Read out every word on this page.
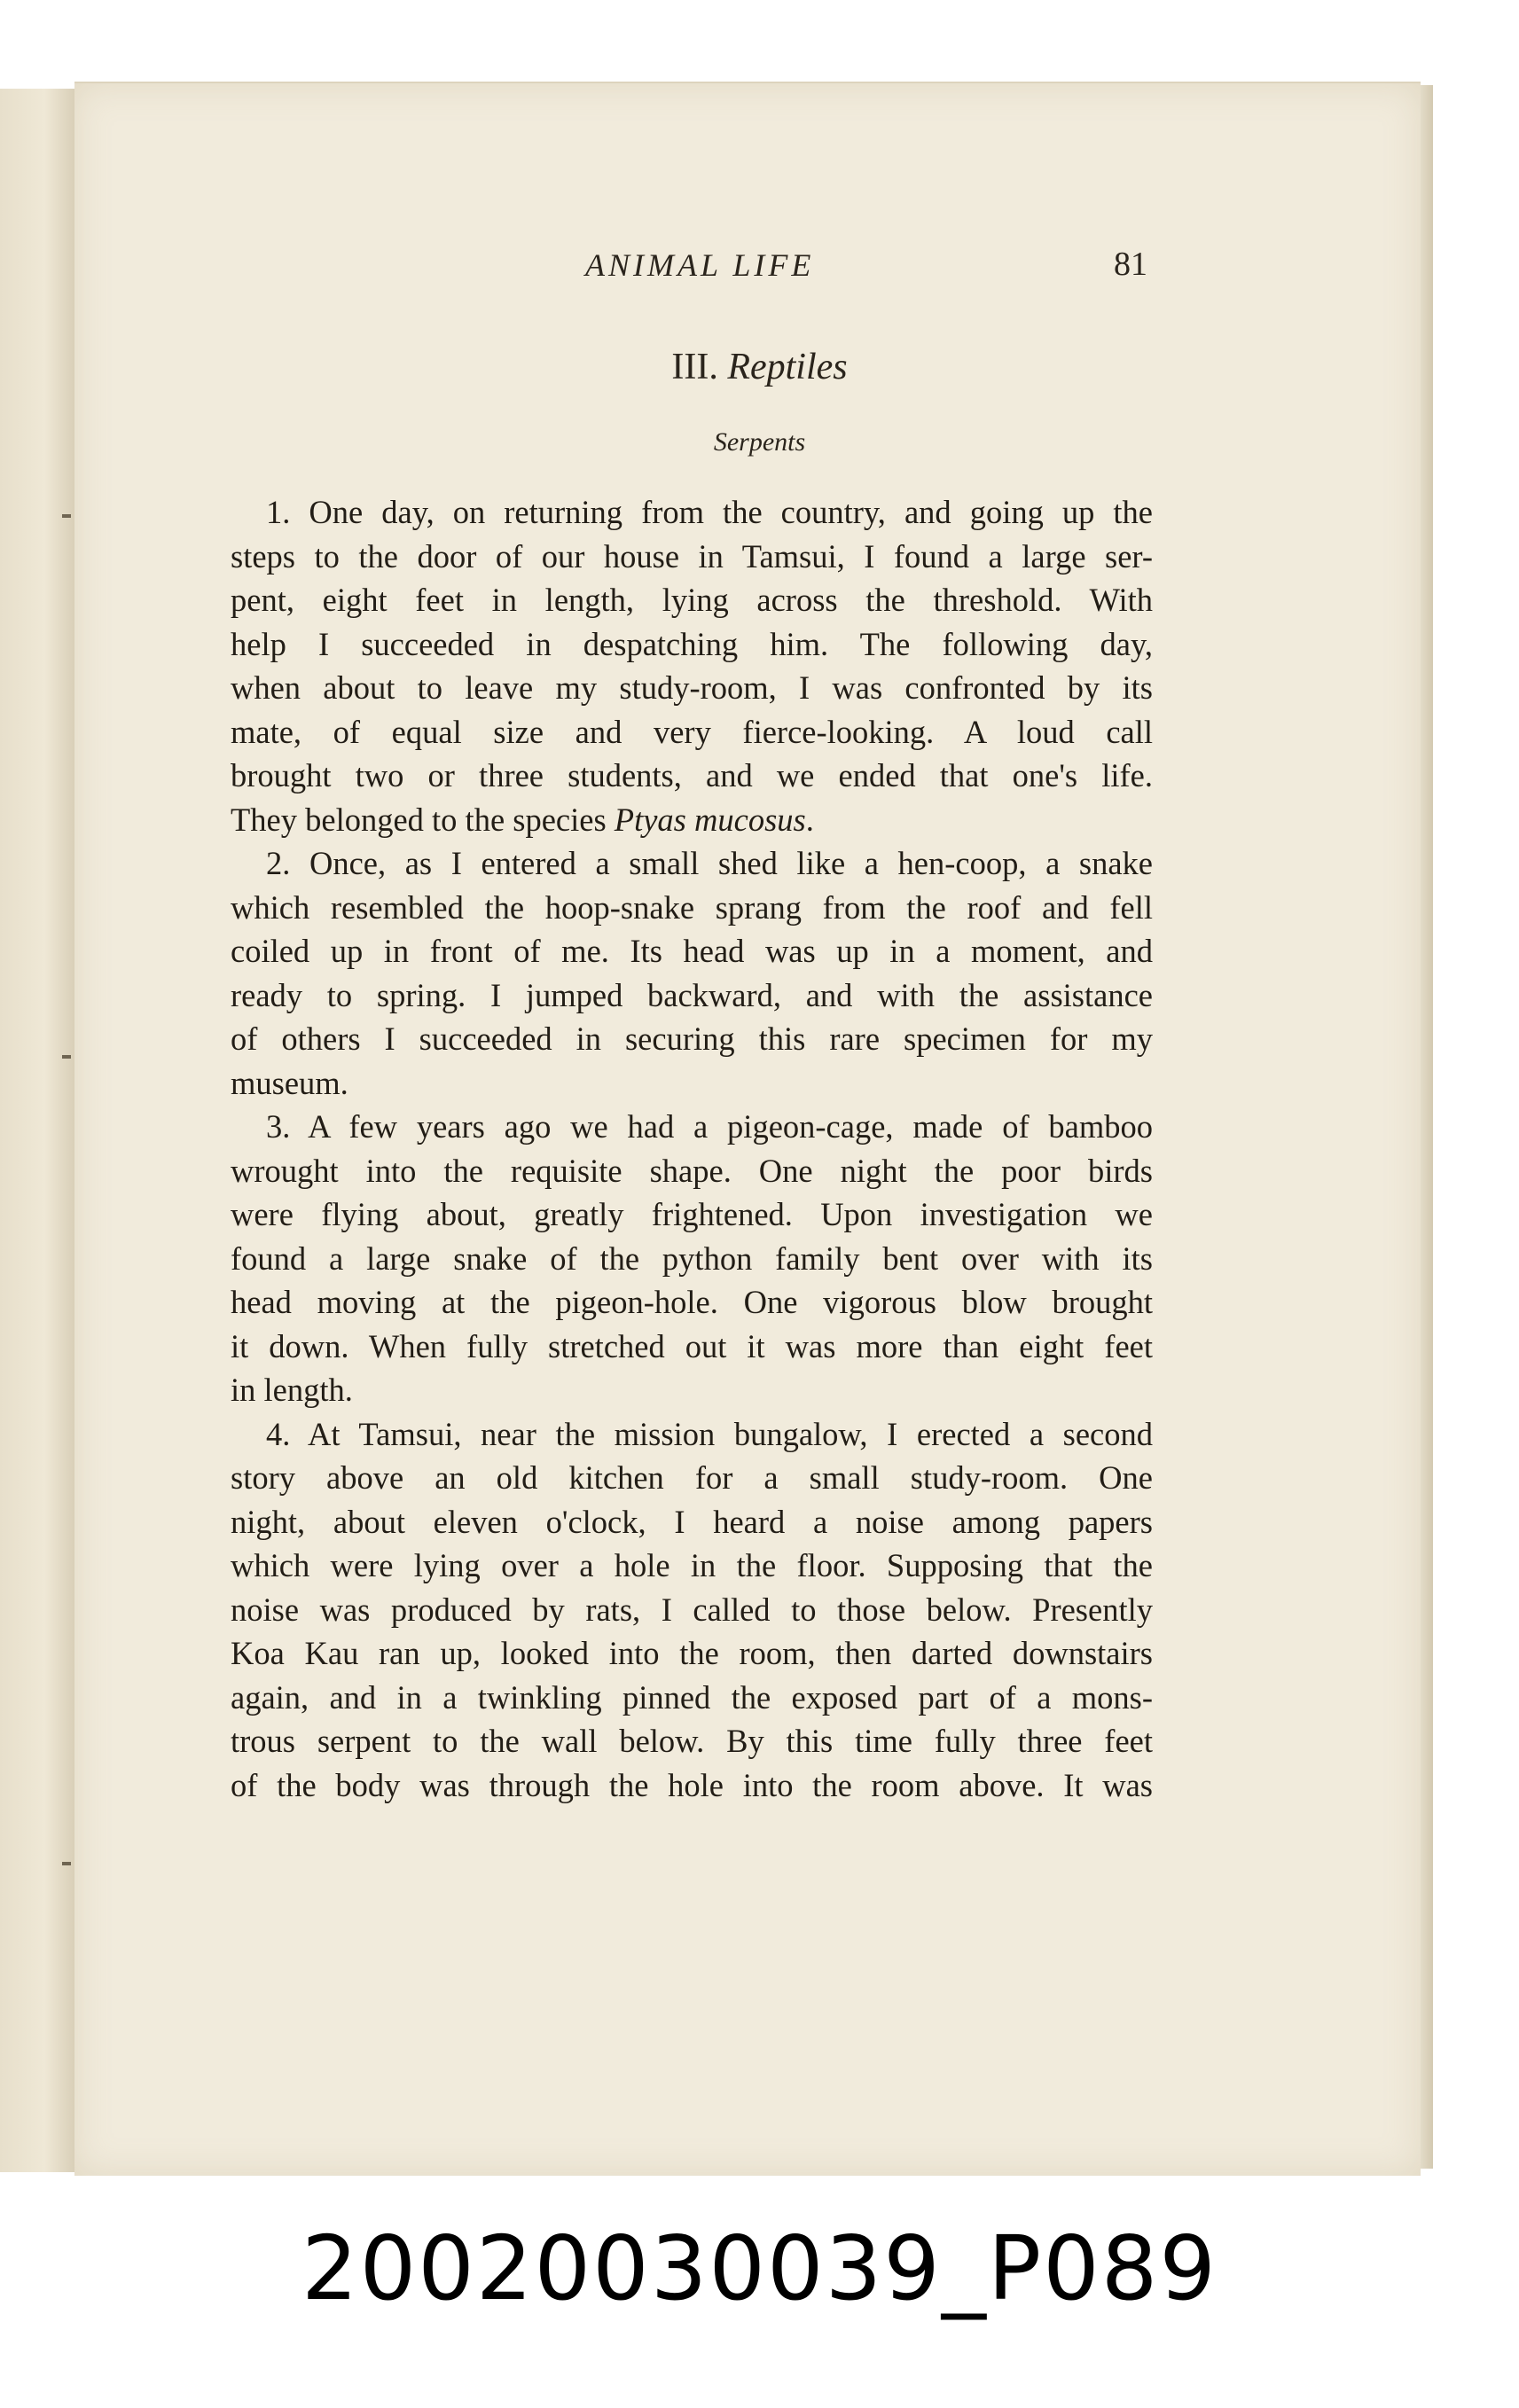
ANIMAL LIFE	81
III. Reptiles
Serpents
1. One day, on returning from the country, and going up the
steps to the door of our house in Tamsui, I found a large ser-
pent, eight feet in length, lying across the threshold. With
help I succeeded in despatching him. The following day,
when about to leave my study-room, I was confronted by its
mate, of equal size and very fierce-looking. A loud call
brought two or three students, and we ended that one's life.
They belonged to the species Ptyas mucosus.
2. Once, as I entered a small shed like a hen-coop, a snake
which resembled the hoop-snake sprang from the roof and fell
coiled up in front of me. Its head was up in a moment, and
ready to spring. I jumped backward, and with the assistance
of others I succeeded in securing this rare specimen for my
museum.
3. A few years ago we had a pigeon-cage, made of bamboo
wrought into the requisite shape. One night the poor birds
were flying about, greatly frightened. Upon investigation we
found a large snake of the python family bent over with its
head moving at the pigeon-hole. One vigorous blow brought
it down. When fully stretched out it was more than eight feet
in length.
4. At Tamsui, near the mission bungalow, I erected a second
story above an old kitchen for a small study-room. One
night, about eleven o'clock, I heard a noise among papers
which were lying over a hole in the floor. Supposing that the
noise was produced by rats, I called to those below. Presently
Koa Kau ran up, looked into the room, then darted downstairs
again, and in a twinkling pinned the exposed part of a mons-
trous serpent to the wall below. By this time fully three feet
of the body was through the hole into the room above. It was
20020030039_P089
